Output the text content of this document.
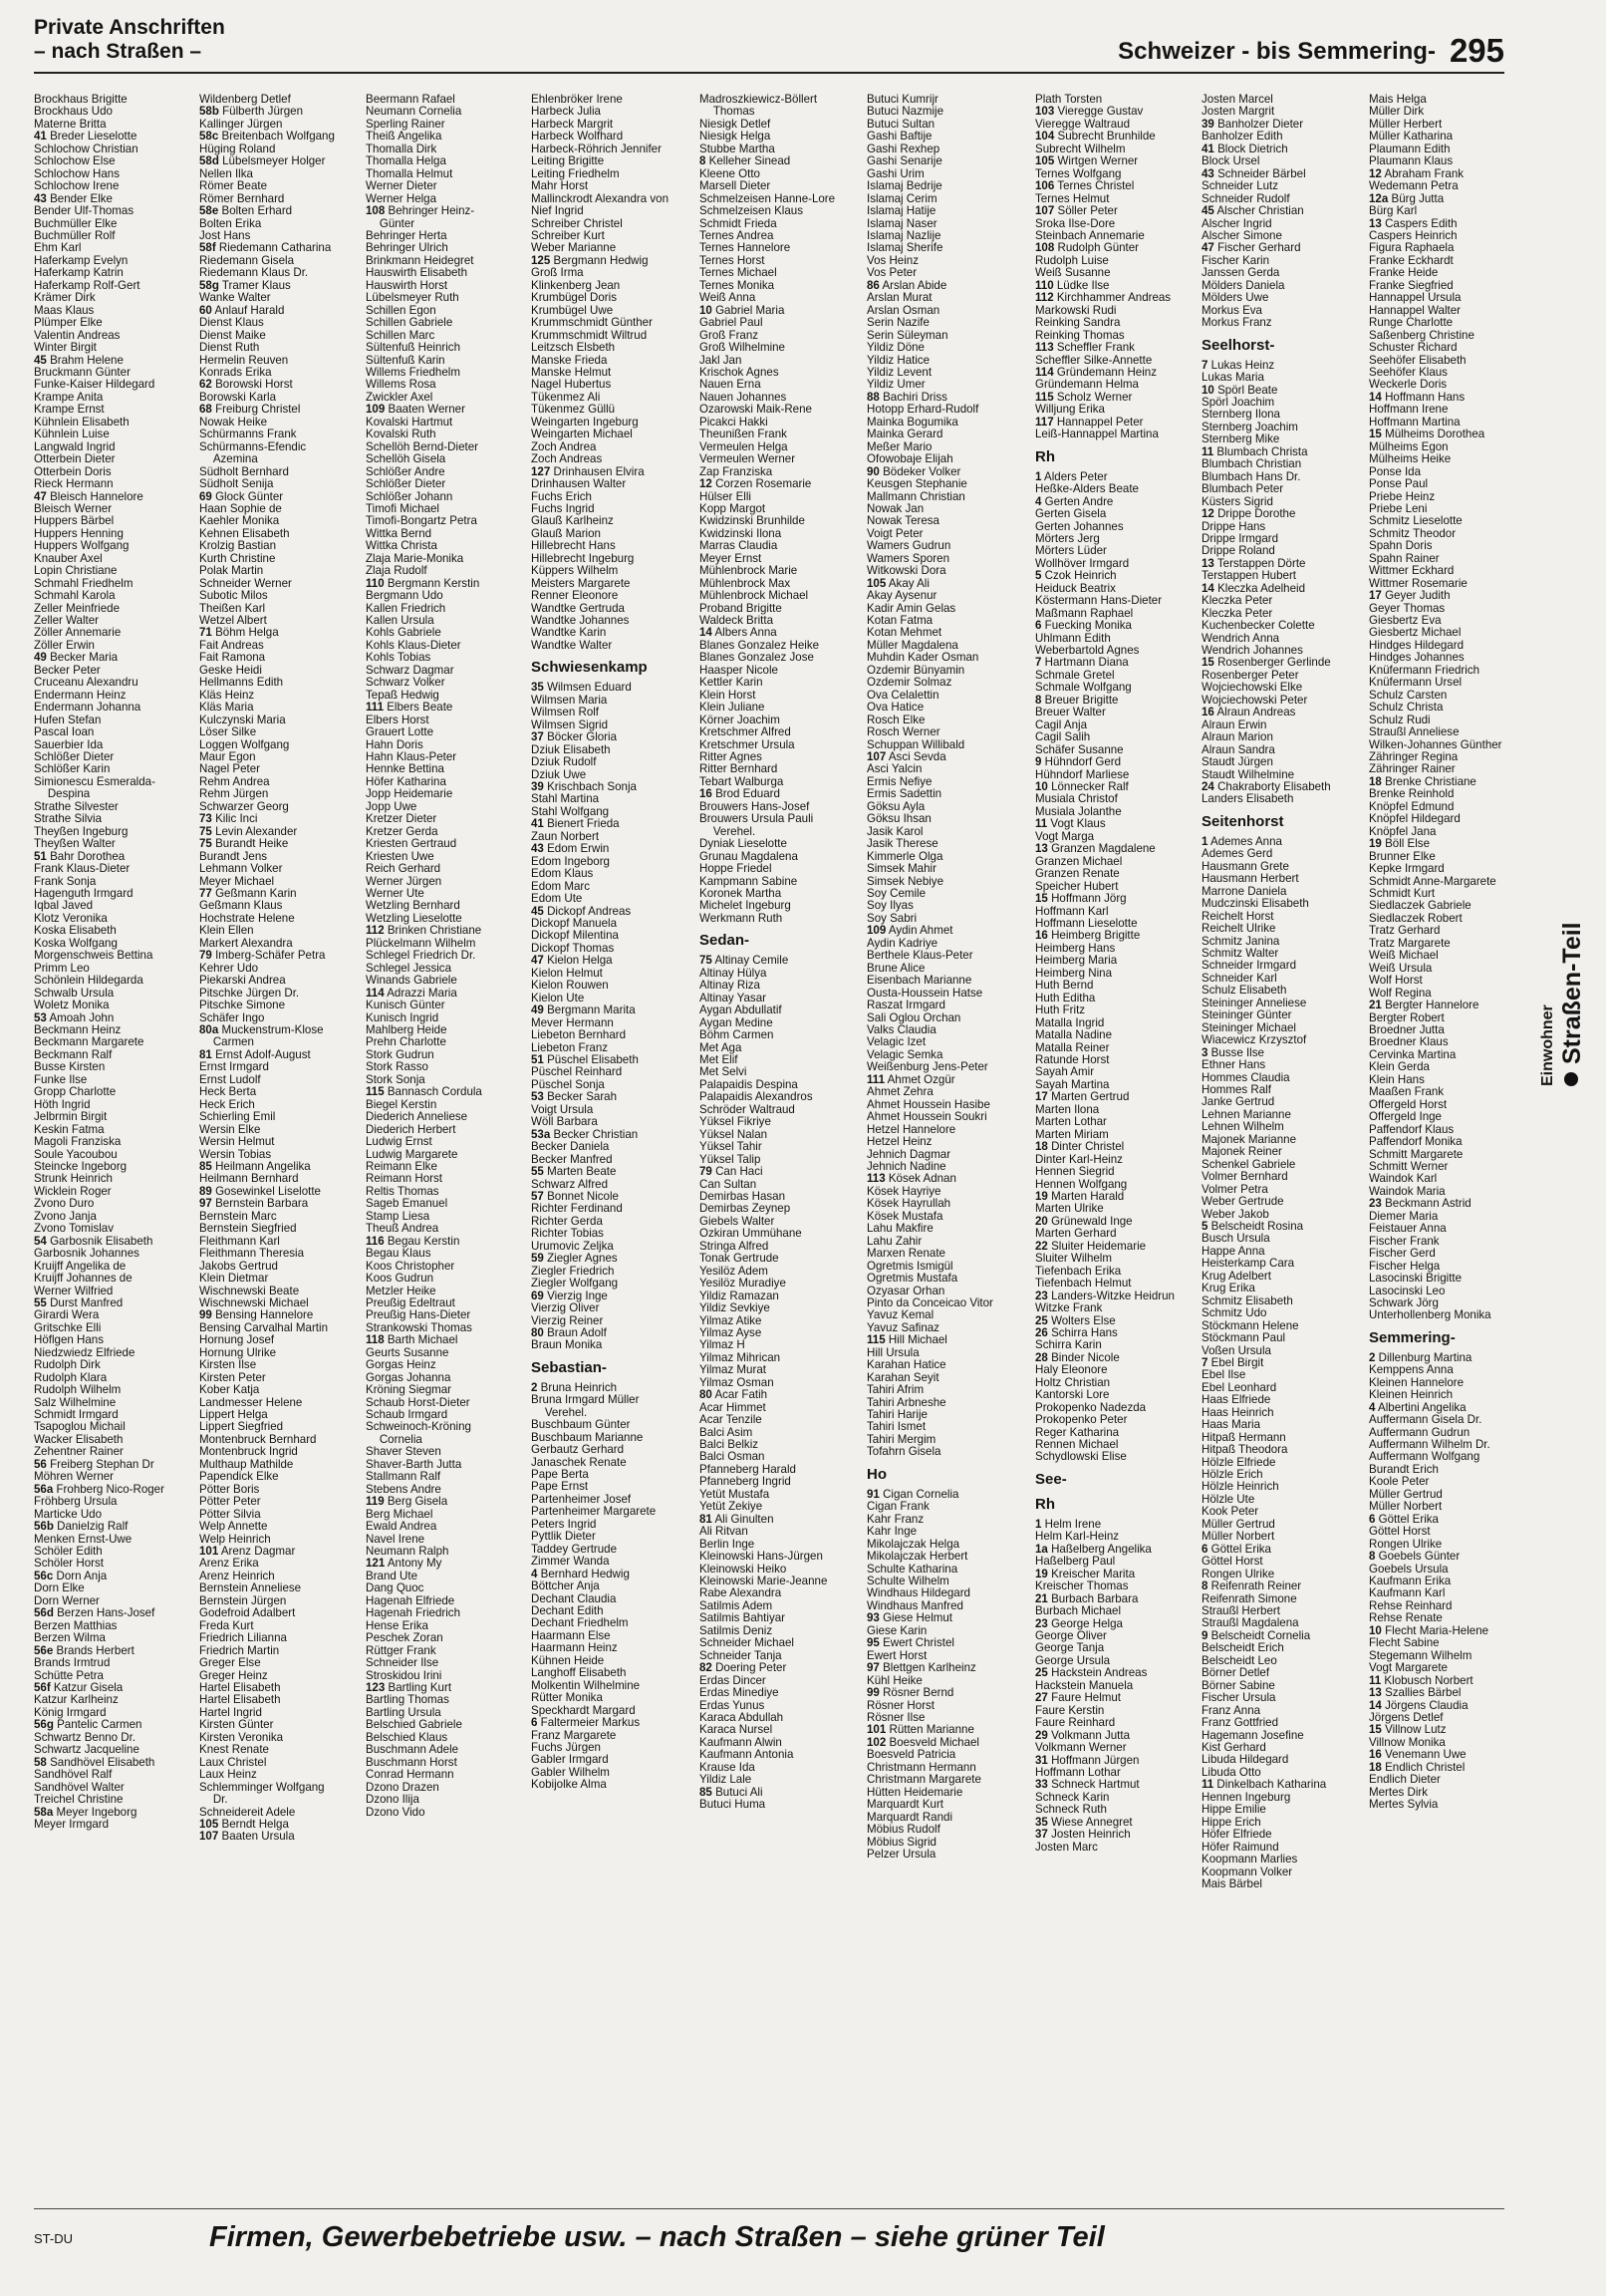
Private Anschriften
– nach Straßen –	Schweizer - bis Semmering- 295
Brockhaus Brigitte
Brockhaus Udo
Materne Britta
41 Breder Lieselotte
Schlochow Christian
Schlochow Else
Schlochow Hans
Schlochow Irene
43 Bender Elke
Bender Ulf-Thomas
Buchmüller Elke
Buchmüller Rolf
Ehm Karl
Haferkamp Evelyn
Haferkamp Katrin
Haferkamp Rolf-Gert
Krämer Dirk
Maas Klaus
Plümper Elke
Valentin Andreas
Winter Birgit
45 Brahm Helene
Bruckmann Günter
Funke-Kaiser Hildegard
Krampe Anita
Krampe Ernst
Kühnlein Elisabeth
Kühnlein Luise
Langwald Ingrid
Otterbein Dieter
Otterbein Doris
Rieck Hermann
47 Bleisch Hannelore
Bleisch Werner
Huppers Bärbel
Huppers Henning
Huppers Wolfgang
Knauber Axel
Lopin Christiane
Schmahl Friedhelm
Schmahl Karola
Zeller Meinfriede
Zeller Walter
Zöller Annemarie
Zöller Erwin
49 Becker Maria
Becker Peter
Cruceanu Alexandru
Endermann Heinz
Endermann Johanna
Hufen Stefan
Pascal Ioan
Sauerbier Ida
Schlößer Dieter
Schlößer Karin
Simionescu Esmeralda-
Despina
Strathe Silvester
Strathe Silvia
Theyßen Ingeburg
Theyßen Walter
51 Bahr Dorothea
Frank Klaus-Dieter
Frank Sonja
Hagenguth Irmgard
Iqbal Javed
Klotz Veronika
Koska Elisabeth
Koska Wolfgang
Morgenschweis Bettina
Primm Leo
Schönlein Hildegarda
Schwalb Ursula
Woletz Monika
53 Amoah John
Beckmann Heinz
Beckmann Margarete
Beckmann Ralf
Busse Kirsten
Funke Ilse
Gropp Charlotte
Höth Ingrid
Jelbrmin Birgit
Keskin Fatma
Magoli Franziska
Soule Yacoubou
Steincke Ingeborg
Strunk Heinrich
Wicklein Roger
Zvono Duro
Zvono Janja
Zvono Tomislav
54 Garbosnik Elisabeth
Garbosnik Johannes
Kruijff Angelika de
Kruijff Johannes de
Werner Wilfried
55 Durst Manfred
Girardi Wera
Gritschke Elli
Höflgen Hans
Niedzwiedz Elfriede
Rudolph Dirk
Rudolph Klara
Rudolph Wilhelm
Salz Wilhelmine
Schmidt Irmgard
Tsapoglou Michail
Wacker Elisabeth
Zehentner Rainer
56 Freiberg Stephan Dr
Möhren Werner
56a Frohberg Nico-Roger
Fröhberg Ursula
Marticke Udo
56b Danielzig Ralf
Menken Ernst-Uwe
Schöler Edith
Schöler Horst
56c Dorn Anja
Dorn Elke
Dorn Werner
56d Berzen Hans-Josef
Berzen Matthias
Berzen Wilma
56e Brands Herbert
Brands Irmtrud
Schütte Petra
56f Katzur Gisela
Katzur Karlheinz
König Irmgard
56g Pantelic Carmen
Schwartz Benno Dr.
Schwartz Jacqueline
58 Sandhövel Elisabeth
Sandhövel Ralf
Sandhövel Walter
Treichel Christine
58a Meyer Ingeborg
Meyer Irmgard
Wildenberg Detlef
58b Fülberth Jürgen
Kallinger Jürgen
58c Breitenbach Wolfgang
Hüging Roland
58d Lübelsmeyer Holger
Nellen Ilka
Römer Beate
Römer Bernhard
58e Bolten Erhard
Bolten Erika
Jost Hans
58f Riedemann Catharina
Riedemann Gisela
Riedemann Klaus Dr.
58g Tramer Klaus
Wanke Walter
60 Anlauf Harald
Dienst Klaus
Dienst Maike
Dienst Ruth
Hermelin Reuven
Konrads Erika
62 Borowski Horst
Borowski Karla
68 Freiburg Christel
Nowak Heike
Schürmanns Frank
Schürmanns-Efendic
Azemina
Südholt Bernhard
Südholt Senija
69 Glock Günter
Haan Sophie de
Kaehler Monika
Kehnen Elisabeth
Krolzig Bastian
Kurth Christine
Polak Martin
Schneider Werner
Subotic Milos
Theißen Karl
Wetzel Albert
71 Böhm Helga
Fait Andreas
Fait Ramona
Geske Heidi
Hellmanns Edith
Kläs Heinz
Kläs Maria
Kulczynski Maria
Löser Silke
Loggen Wolfgang
Maur Egon
Nagel Peter
Rehm Andrea
Rehm Jürgen
Schwarzer Georg
73 Kilic Inci
75 Levin Alexander
75 Burandt Heike
Burandt Jens
Lehmann Volker
Meyer Michael
77 Geßmann Karin
Geßmann Klaus
Hochstrate Helene
Klein Ellen
Markert Alexandra
79 Imberg-Schäfer Petra
Kehrer Udo
Piekarski Andrea
Pitschke Jürgen Dr.
Pitschke Simone
Schäfer Ingo
80a Muckenstrum-Klose
Carmen
81 Ernst Adolf-August
Ernst Irmgard
Ernst Ludolf
Heck Berta
Heck Erich
Schierling Emil
Wersin Elke
Wersin Helmut
Wersin Tobias
85 Heilmann Angelika
Heilmann Bernhard
89 Gosewinkel Liselotte
97 Bernstein Barbara
Bernstein Marc
Bernstein Siegfried
Fleithmann Karl
Fleithmann Theresia
Jakobs Gertrud
Klein Dietmar
Wischnewski Beate
Wischnewski Michael
99 Bensing Hannelore
Bensing Carvalhal Martin
Hornung Josef
Hornung Ulrike
Kirsten Ilse
Kirsten Peter
Kober Katja
Landmesser Helene
Lippert Helga
Lippert Siegfried
Montenbruck Bernhard
Montenbruck Ingrid
Multhaup Mathilde
Papendick Elke
Pötter Boris
Pötter Peter
Pötter Silvia
Welp Annette
Welp Heinrich
101 Arenz Dagmar
Arenz Erika
Arenz Heinrich
Bernstein Anneliese
Bernstein Jürgen
Godefroid Adalbert
Freda Kurt
Friedrich Lilianna
Friedrich Martin
Greger Else
Greger Heinz
Hartel Elisabeth
Hartel Elisabeth
Hartel Ingrid
Kirsten Günter
Kirsten Veronika
Knest Renate
Laux Christel
Laux Heinz
Schlemminger Wolfgang
Dr.
Schneidereit Adele
105 Berndt Helga
107 Baaten Ursula
Beermann Rafael
Neumann Cornelia
Sperling Rainer
Theiß Angelika
Thomalla Dirk
Thomalla Helga
Thomalla Helmut
Werner Dieter
Werner Helga
108 Behringer Heinz-
Günter
Behringer Herta
Behringer Ulrich
Brinkmann Heidegret
Hauswirth Elisabeth
Hauswirth Horst
Lübelsmeyer Ruth
Schillen Egon
Schillen Gabriele
Schillen Marc
Sültenfuß Heinrich
Sültenfuß Karin
Willems Friedhelm
Willems Rosa
Zwickler Axel
109 Baaten Werner
Kovalski Hartmut
Kovalski Ruth
Schellöh Bernd-Dieter
Schellöh Gisela
Schlößer Andre
Schlößer Dieter
Schlößer Johann
Timofi Michael
Timofi-Bongartz Petra
Wittka Bernd
Wittka Christa
Zlaja Marie-Monika
Zlaja Rudolf
110 Bergmann Kerstin
Bergmann Udo
Kallen Friedrich
Kallen Ursula
Kohls Gabriele
Kohls Klaus-Dieter
Kohls Tobias
Schwarz Dagmar
Schwarz Volker
Tepaß Hedwig
111 Elbers Beate
Elbers Horst
Grauert Lotte
Hahn Doris
Hahn Klaus-Peter
Hennke Bettina
Höfer Katharina
Jopp Heidemarie
Jopp Uwe
Kretzer Dieter
Kretzer Gerda
Kriesten Gertraud
Kriesten Uwe
Reich Gerhard
Werner Jürgen
Werner Ute
Wetzling Bernhard
Wetzling Lieselotte
112 Brinken Christiane
Plückelmann Wilhelm
Schlegel Friedrich Dr.
Schlegel Jessica
Winands Gabriele
114 Adrazzi Maria
Kunisch Günter
Kunisch Ingrid
Mahlberg Heide
Prehn Charlotte
Stork Gudrun
Stork Rasso
Stork Sonja
115 Bannasch Cordula
Biegel Kerstin
Diederich Anneliese
Diederich Herbert
Ludwig Ernst
Ludwig Margarete
Reimann Elke
Reimann Horst
Reltis Thomas
Sageb Emanuel
Stamp Liesa
Theuß Andrea
116 Begau Kerstin
Begau Klaus
Koos Christopher
Koos Gudrun
Metzler Heike
Preußig Edeltraut
Preußig Hans-Dieter
Strankowski Thomas
118 Barth Michael
Geurts Susanne
Gorgas Heinz
Gorgas Johanna
Kröning Siegmar
Schaub Horst-Dieter
Schaub Irmgard
Schweinoch-Kröning
Cornelia
Shaver Steven
Shaver-Barth Jutta
Stallmann Ralf
Stebens Andre
119 Berg Gisela
Berg Michael
Ewald Andrea
Navel Irene
Neumann Ralph
121 Antony My
Brand Ute
Dang Quoc
Hagenah Elfriede
Hagenah Friedrich
Hense Erika
Peschek Zoran
Rüttger Frank
Schneider Ilse
Stroskidou Irini
123 Bartling Kurt
Bartling Thomas
Bartling Ursula
Belschied Gabriele
Belschied Klaus
Buschmann Adele
Buschmann Horst
Conrad Hermann
Dzono Drazen
Dzono Ilija
Dzono Vido
Ehlenbröker Irene
Harbeck Julia
Harbeck Margrit
Harbeck Wolfhard
Harbeck-Röhrich Jennifer
Leiting Brigitte
Leiting Friedhelm
Mahr Horst
Mallinckrodt Alexandra von
Nief Ingrid
Schreiber Christel
Schreiber Kurt
Weber Marianne
125 Bergmann Hedwig
Groß Irma
Klinkenberg Jean
Krumbügel Doris
Krumbügel Uwe
Krummschmidt Günther
Krummschmidt Wiltrud
Leitzsch Elsbeth
Manske Frieda
Manske Helmut
Nagel Hubertus
Tükenmez Ali
Tükenmez Güllü
Weingarten Ingeburg
Weingarten Michael
Zoch Andrea
Zoch Andreas
127 Drinhausen Elvira
Drinhausen Walter
Fuchs Erich
Fuchs Ingrid
Glauß Karlheinz
Glauß Marion
Hillebrecht Hans
Hillebrecht Ingeburg
Küppers Wilhelm
Meisters Margarete
Renner Eleonore
Wandtke Gertruda
Wandtke Johannes
Wandtke Karin
Wandtke Walter
Schwiesenkamp
35 Wilmsen Eduard
Wilmsen Maria
Wilmsen Rolf
Wilmsen Sigrid
37 Böcker Gloria
Dziuk Elisabeth
Dziuk Rudolf
Dziuk Uwe
39 Krischbach Sonja
Stahl Martina
Stahl Wolfgang
41 Bienert Frieda
Zaun Norbert
43 Edom Erwin
Edom Ingeborg
Edom Klaus
Edom Marc
Edom Ute
45 Dickopf Andreas
Dickopf Manuela
Dickopf Milentina
Dickopf Thomas
47 Kielon Helga
Kielon Helmut
Kielon Rouwen
Kielon Ute
49 Bergmann Marita
Mever Hermann
Liebeton Bernhard
Liebeton Franz
51 Püschel Elisabeth
Püschel Reinhard
Püschel Sonja
53 Becker Sarah
Voigt Ursula
Wöll Barbara
53a Becker Christian
Becker Daniela
Becker Manfred
55 Marten Beate
Schwarz Alfred
57 Bonnet Nicole
Richter Ferdinand
Richter Gerda
Richter Tobias
Urumovic Zeljka
59 Ziegler Agnes
Ziegler Friedrich
Ziegler Wolfgang
69 Vierzig Inge
Vierzig Oliver
Vierzig Reiner
80 Braun Adolf
Braun Monika
Sebastian-
2 Bruna Heinrich
Bruna Irmgard Müller
Verehel.
Buschbaum Günter
Buschbaum Marianne
Gerbautz Gerhard
Janaschek Renate
Pape Berta
Pape Ernst
Partenheimer Josef
Partenheimer Margarete
Peters Ingrid
Pyttlik Dieter
Taddey Gertrude
Zimmer Wanda
4 Bernhard Hedwig
Böttcher Anja
Dechant Claudia
Dechant Edith
Dechant Friedhelm
Haarmann Else
Haarmann Heinz
Kühnen Heide
Langhoff Elisabeth
Molkentin Wilhelmine
Rütter Monika
Speckhardt Margard
6 Faltermeier Markus
Franz Margarete
Fuchs Jürgen
Gabler Irmgard
Gabler Wilhelm
Kobijolke Alma
Madroszkiewicz-Böllert
Thomas
Niesigk Detlef
Niesigk Helga
Stubbe Martha
8 Kelleher Sinead
Kleene Otto
Marsell Dieter
Schmelzeisen Hanne-Lore
Schmelzeisen Klaus
Schmidt Frieda
Ternes Andrea
Ternes Hannelore
Ternes Horst
Ternes Michael
Ternes Monika
Weiß Anna
10 Gabriel Maria
Gabriel Paul
Groß Franz
Groß Wilhelmine
Jakl Jan
Krischok Agnes
Nauen Erna
Nauen Johannes
Ozarowski Maik-Rene
Picakci Hakki
Theunißen Frank
Vermeulen Helga
Vermeulen Werner
Zap Franziska
12 Corzen Rosemarie
Hülser Elli
Kopp Margot
Kwidzinski Brunhilde
Kwidzinski Ilona
Marras Claudia
Meyer Ernst
Mühlenbrock Marie
Mühlenbrock Max
Mühlenbrock Michael
Proband Brigitte
Waldeck Britta
14 Albers Anna
Blanes Gonzalez Heike
Blanes Gonzalez Jose
Haasper Nicole
Kettler Karin
Klein Horst
Klein Juliane
Körner Joachim
Kretschmer Alfred
Kretschmer Ursula
Ritter Agnes
Ritter Bernhard
Tebart Walburga
16 Brod Eduard
Brouwers Hans-Josef
Brouwers Ursula Pauli
Verehel.
Dyniak Lieselotte
Grunau Magdalena
Hoppe Friedel
Kampmann Sabine
Koronek Martha
Michelet Ingeburg
Werkmann Ruth
Sedan-
75 Altinay Cemile
Altinay Hülya
Altinay Riza
Altinay Yasar
Aygan Abdullatif
Aygan Medine
Böhm Carmen
Met Aga
Met Elif
Met Selvi
Palapaidis Despina
Palapaidis Alexandros
Schröder Waltraud
Yüksel Fikriye
Yüksel Nalan
Yüksel Tahir
Yüksel Talip
79 Can Haci
Can Sultan
Demirbas Hasan
Demirbas Zeynep
Giebels Walter
Ozkiran Ümmühane
Stringa Alfred
Tonak Gertrude
Yesilöz Adem
Yesilöz Muradiye
Yildiz Ramazan
Yildiz Sevkiye
Yilmaz Atike
Yilmaz Ayse
Yilmaz H
Yilmaz Mihrican
Yilmaz Murat
Yilmaz Osman
80 Acar Fatih
Acar Himmet
Acar Tenzile
Balci Asim
Balci Belkiz
Balci Osman
Pfanneberg Harald
Pfanneberg Ingrid
Yetüt Mustafa
Yetüt Zekiye
81 Ali Ginulten
Ali Ritvan
Berlin Inge
Kleinowski Hans-Jürgen
Kleinowski Heiko
Kleinowski Marie-Jeanne
Rabe Alexandra
Satilmis Adem
Satilmis Bahtiyar
Satilmis Deniz
Schneider Michael
Schneider Tanja
82 Doering Peter
Erdas Dincer
Erdas Minediye
Erdas Yunus
Karaca Abdullah
Karaca Nursel
Kaufmann Alwin
Kaufmann Antonia
Krause Ida
Yildiz Lale
85 Butuci Ali
Butuci Huma
Butuci Kumrijr
Butuci Nazmije
Butuci Sultan
Gashi Baftije
Gashi Rexhep
Gashi Senarije
Gashi Urim
Islamaj Bedrije
Islamaj Cerim
Islamaj Hatije
Islamaj Naser
Islamaj Nazlije
Islamaj Sherife
Vos Heinz
Vos Peter
86 Arslan Abide
Arslan Murat
Arslan Osman
Serin Nazife
Serin Süleyman
Yildiz Döne
Yildiz Hatice
Yildiz Levent
Yildiz Ümer
88 Bachiri Driss
Hotopp Erhard-Rudolf
Mainka Bogumika
Mainka Gerard
Meßer Mario
Ofowobaje Elijah
90 Bödeker Volker
Keusgen Stephanie
Mallmann Christian
Nowak Jan
Nowak Teresa
Voigt Peter
Wamers Gudrun
Wamers Sporen
Witkowski Dora
105 Akay Ali
Akay Aysenur
Kadir Amin Gelas
Kotan Fatma
Kotan Mehmet
Müller Magdalena
Muhdin Kader Osman
Özdemir Bünyamin
Özdemir Solmaz
Ova Celalettin
Ova Hatice
Rosch Elke
Rosch Werner
Schuppan Willibald
107 Asci Sevda
Asci Yalcin
Ermis Nefiye
Ermis Sadettin
Göksu Ayla
Göksu Ihsan
Jasik Karol
Jasik Therese
Kimmerle Olga
Simsek Mahir
Simsek Nebiye
Soy Cemile
Soy Ilyas
Soy Sabri
109 Aydin Ahmet
Aydin Kadriye
Berthele Klaus-Peter
Brune Alice
Eisenbach Marianne
Ousta-Houssein Hatse
Raszat Irmgard
Sali Oglou Orchan
Valks Claudia
Velagic Izet
Velagic Semka
Weißenburg Jens-Peter
111 Ahmet Özgür
Ahmet Zehra
Ahmet Houssein Hasibe
Ahmet Houssein Soukri
Hetzel Hannelore
Hetzel Heinz
Jehnich Dagmar
Jehnich Nadine
113 Kösek Adnan
Kösek Hayriye
Kösek Hayrullah
Kösek Mustafa
Lahu Makfire
Lahu Zahir
Marxen Renate
Ögretmis Ismigül
Ögretmis Mustafa
Özyasar Orhan
Pinto da Conceicao Vitor
Yavuz Kemal
Yavuz Safinaz
115 Hill Michael
Hill Ursula
Karahan Hatice
Karahan Seyit
Tahiri Afrim
Tahiri Arbneshe
Tahiri Harije
Tahiri Ismet
Tahiri Mergim
Tofahrn Gisela
Ho
91 Cigan Cornelia
Cigan Frank
Kahr Franz
Kahr Inge
Mikolajczak Helga
Mikolajczak Herbert
Schulte Katharina
Schulte Wilhelm
Windhaus Hildegard
Windhaus Manfred
93 Giese Helmut
Giese Karin
95 Ewert Christel
Ewert Horst
97 Blettgen Karlheinz
Kühl Heike
99 Rösner Bernd
Rösner Horst
Rösner Ilse
101 Rütten Marianne
102 Boesveld Michael
Boesveld Patricia
Christmann Hermann
Christmann Margarete
Hütten Heidemarie
Marquardt Kurt
Marquardt Randi
Möbius Rudolf
Möbius Sigrid
Pelzer Ursula
Plath Torsten
103 Vieregge Gustav
Vieregge Waltraud
104 Subrecht Brunhilde
Subrecht Wilhelm
105 Wirtgen Werner
Ternes Wolfgang
106 Ternes Christel
Ternes Helmut
107 Söller Peter
Sroka Ilse-Dore
Steinbach Annemarie
108 Rudolph Günter
Rudolph Luise
Weiß Susanne
110 Lüdke Ilse
112 Kirchhammer Andreas
Markowski Rudi
Reinking Sandra
Reinking Thomas
113 Scheffler Frank
Scheffler Silke-Annette
114 Gründemann Heinz
Gründemann Helma
115 Scholz Werner
Willjung Erika
117 Hannappel Peter
Leiß-Hannappel Martina
Rh
1 Alders Peter
Heßke-Alders Beate
4 Gerten Andre
Gerten Gisela
Gerten Johannes
Mörters Jerg
Mörters Lüder
Wollhöver Irmgard
5 Czok Heinrich
Heiduck Beatrix
Köstermann Hans-Dieter
Maßmann Raphael
6 Fuecking Monika
Uhlmann Edith
Weberbartold Agnes
7 Hartmann Diana
Schmale Gretel
Schmale Wolfgang
8 Breuer Brigitte
Breuer Walter
Cagil Anja
Cagil Salih
Schäfer Susanne
9 Hühndorf Gerd
Hühndorf Marliese
10 Lönnecker Ralf
Musiala Christof
Musiala Jolanthe
11 Vogt Klaus
Vogt Marga
13 Granzen Magdalene
Granzen Michael
Granzen Renate
Speicher Hubert
15 Hoffmann Jörg
Hoffmann Karl
Hoffmann Lieselotte
16 Heimberg Brigitte
Heimberg Hans
Heimberg Maria
Heimberg Nina
Huth Bernd
Huth Editha
Huth Fritz
Matalla Ingrid
Matalla Nadine
Matalla Reiner
Ratunde Horst
Sayah Amir
Sayah Martina
17 Marten Gertrud
Marten Ilona
Marten Lothar
Marten Miriam
18 Dinter Christel
Dinter Karl-Heinz
Hennen Siegrid
Hennen Wolfgang
19 Marten Harald
Marten Ulrike
20 Grünewald Inge
Marten Gerhard
22 Sluiter Heidemarie
Sluiter Wilhelm
Tiefenbach Erika
Tiefenbach Helmut
23 Landers-Witzke Heidrun
Witzke Frank
25 Wolters Else
26 Schirra Hans
Schirra Karin
28 Binder Nicole
Haly Eleonore
Holtz Christian
Kantorski Lore
Prokopenko Nadezda
Prokopenko Peter
Reger Katharina
Rennen Michael
Schydlowski Elise
See-
Rh
1 Helm Irene
Helm Karl-Heinz
1a Haßelberg Angelika
Haßelberg Paul
19 Kreischer Marita
Kreischer Thomas
21 Burbach Barbara
Burbach Michael
23 George Helga
George Oliver
George Tanja
George Ursula
25 Hackstein Andreas
Hackstein Manuela
27 Faure Helmut
Faure Kerstin
Faure Reinhard
29 Volkmann Jutta
Volkmann Werner
31 Hoffmann Jürgen
Hoffmann Lothar
33 Schneck Hartmut
Schneck Karin
Schneck Ruth
35 Wiese Annegret
37 Josten Heinrich
Josten Marc
Josten Marcel
Josten Margrit
39 Banholzer Dieter
Banholzer Edith
41 Block Dietrich
Block Ursel
43 Schneider Bärbel
Schneider Lutz
Schneider Rudolf
45 Alscher Christian
Alscher Ingrid
Alscher Simone
47 Fischer Gerhard
Fischer Karin
Janssen Gerda
Mölders Daniela
Mölders Uwe
Morkus Eva
Morkus Franz
Seelhorst-
7 Lukas Heinz
Lukas Maria
10 Spörl Beate
Spörl Joachim
Sternberg Ilona
Sternberg Joachim
Sternberg Mike
11 Blumbach Christa
Blumbach Christian
Blumbach Hans Dr.
Blumbach Peter
Küsters Sigrid
12 Drippe Dorothe
Drippe Hans
Drippe Irmgard
Drippe Roland
13 Terstappen Dörte
Terstappen Hubert
14 Kleczka Adelheid
Kleczka Peter
Kleczka Peter
Kuchenbecker Colette
Wendrich Anna
Wendrich Johannes
15 Rosenberger Gerlinde
Rosenberger Peter
Wojciechowski Elke
Wojciechowski Peter
16 Alraun Andreas
Alraun Erwin
Alraun Marion
Alraun Sandra
Staudt Jürgen
Staudt Wilhelmine
24 Chakraborty Elisabeth
Landers Elisabeth
Seitenhorst
1 Ademes Anna
Ademes Gerd
Hausmann Grete
Hausmann Herbert
Marrone Daniela
Mudczinski Elisabeth
Reichelt Horst
Reichelt Ulrike
Schmitz Janina
Schmitz Walter
Schneider Irmgard
Schneider Karl
Schulz Elisabeth
Steininger Anneliese
Steininger Günter
Steininger Michael
Wiacewicz Krzysztof
3 Busse Ilse
Ethner Hans
Hommes Claudia
Hommes Ralf
Janke Gertrud
Lehnen Marianne
Lehnen Wilhelm
Majonek Marianne
Majonek Reiner
Schenkel Gabriele
Volmer Bernhard
Volmer Petra
Weber Gertrude
Weber Jakob
5 Belscheidt Rosina
Busch Ursula
Happe Anna
Heisterkamp Cara
Krug Adelbert
Krug Erika
Schmitz Elisabeth
Schmitz Udo
Stöckmann Helene
Stöckmann Paul
Voßen Ursula
7 Ebel Birgit
Ebel Ilse
Ebel Leonhard
Haas Elfriede
Haas Heinrich
Haas Maria
Hitpaß Hermann
Hitpaß Theodora
Hölzle Elfriede
Hölzle Erich
Hölzle Heinrich
Hölzle Ute
Kook Peter
Müller Gertrud
Müller Norbert
6 Göttel Erika
Göttel Horst
Rongen Ulrike
8 Reifenrath Reiner
Reifenrath Simone
Straußl Herbert
Straußl Magdalena
9 Belscheidt Cornelia
Belscheidt Erich
Belscheidt Leo
Börner Detlef
Börner Sabine
Fischer Ursula
Franz Anna
Franz Gottfried
Hagemann Josefine
Kist Gerhard
Libuda Hildegard
Libuda Otto
11 Dinkelbach Katharina
Hennen Ingeburg
Hippe Emilie
Hippe Erich
Höfer Elfriede
Höfer Raimund
Koopmann Marlies
Koopmann Volker
Mais Bärbel
Mais Helga
Müller Dirk
Müller Herbert
Müller Katharina
Plaumann Edith
Plaumann Klaus
12 Abraham Frank
Wedemann Petra
12a Bürg Jutta
Bürg Karl
13 Caspers Edith
Caspers Heinrich
Figura Raphaela
Franke Eckhardt
Franke Heide
Franke Siegfried
Hannappel Ursula
Hannappel Walter
Runge Charlotte
Saßenberg Christine
Schuster Richard
Seehöfer Elisabeth
Seehöfer Klaus
Weckerle Doris
14 Hoffmann Hans
Hoffmann Irene
Hoffmann Martina
15 Mülheims Dorothea
Mülheims Egon
Mülheims Heike
Ponse Ida
Ponse Paul
Priebe Heinz
Priebe Leni
Schmitz Lieselotte
Schmitz Theodor
Spahn Doris
Spahn Rainer
Wittmer Eckhard
Wittmer Rosemarie
17 Geyer Judith
Geyer Thomas
Giesbertz Eva
Giesbertz Michael
Hindges Hildegard
Hindges Johannes
Knüfermann Friedrich
Knüfermann Ursel
Schulz Carsten
Schulz Christa
Schulz Rudi
Straußl Anneliese
Wilken-Johannes Günther
Zähringer Regina
Zähringer Rainer
18 Brenke Christiane
Brenke Reinhold
Knöpfel Edmund
Knöpfel Hildegard
Knöpfel Jana
19 Böll Else
Brunner Elke
Kepke Irmgard
Schmidt Anne-Margarete
Schmidt Kurt
Siedlaczek Gabriele
Siedlaczek Robert
Tratz Gerhard
Tratz Margarete
Weiß Michael
Weiß Ursula
Wolf Horst
Wolf Regina
21 Bergter Hannelore
Bergter Robert
Broedner Jutta
Broedner Klaus
Cervinka Martina
Klein Gerda
Klein Hans
Maaßen Frank
Offergeld Horst
Offergeld Inge
Paffendorf Klaus
Paffendorf Monika
Schmitt Margarete
Schmitt Werner
Waindok Karl
Waindok Maria
23 Beckmann Astrid
Diemer Maria
Feistauer Anna
Fischer Frank
Fischer Gerd
Fischer Helga
Lasocinski Brigitte
Lasocinski Leo
Schwark Jörg
Unterhollenberg Monika
Semmering-
2 Dillenburg Martina
Kemppens Anna
Kleinen Hannelore
Kleinen Heinrich
4 Albertini Angelika
Auffermann Gisela Dr.
Auffermann Gudrun
Auffermann Wilhelm Dr.
Auffermann Wolfgang
Burandt Erich
Koole Peter
Müller Gertrud
Müller Norbert
6 Göttel Erika
Göttel Horst
Rongen Ulrike
8 Goebels Günter
Goebels Ursula
Kaufmann Erika
Kaufmann Karl
Rehse Reinhard
Rehse Renate
10 Flecht Maria-Helene
Flecht Sabine
Stegemann Wilhelm
Vogt Margarete
11 Klobusch Norbert
13 Szallies Bärbel
14 Jörgens Claudia
Jörgens Detlef
15 Villnow Lutz
Villnow Monika
16 Venemann Uwe
18 Endlich Christel
Endlich Dieter
Mertes Dirk
Mertes Sylvia
Einwohner Straßen-Teil
ST-DU	Firmen, Gewerbebetriebe usw. – nach Straßen – siehe grüner Teil
